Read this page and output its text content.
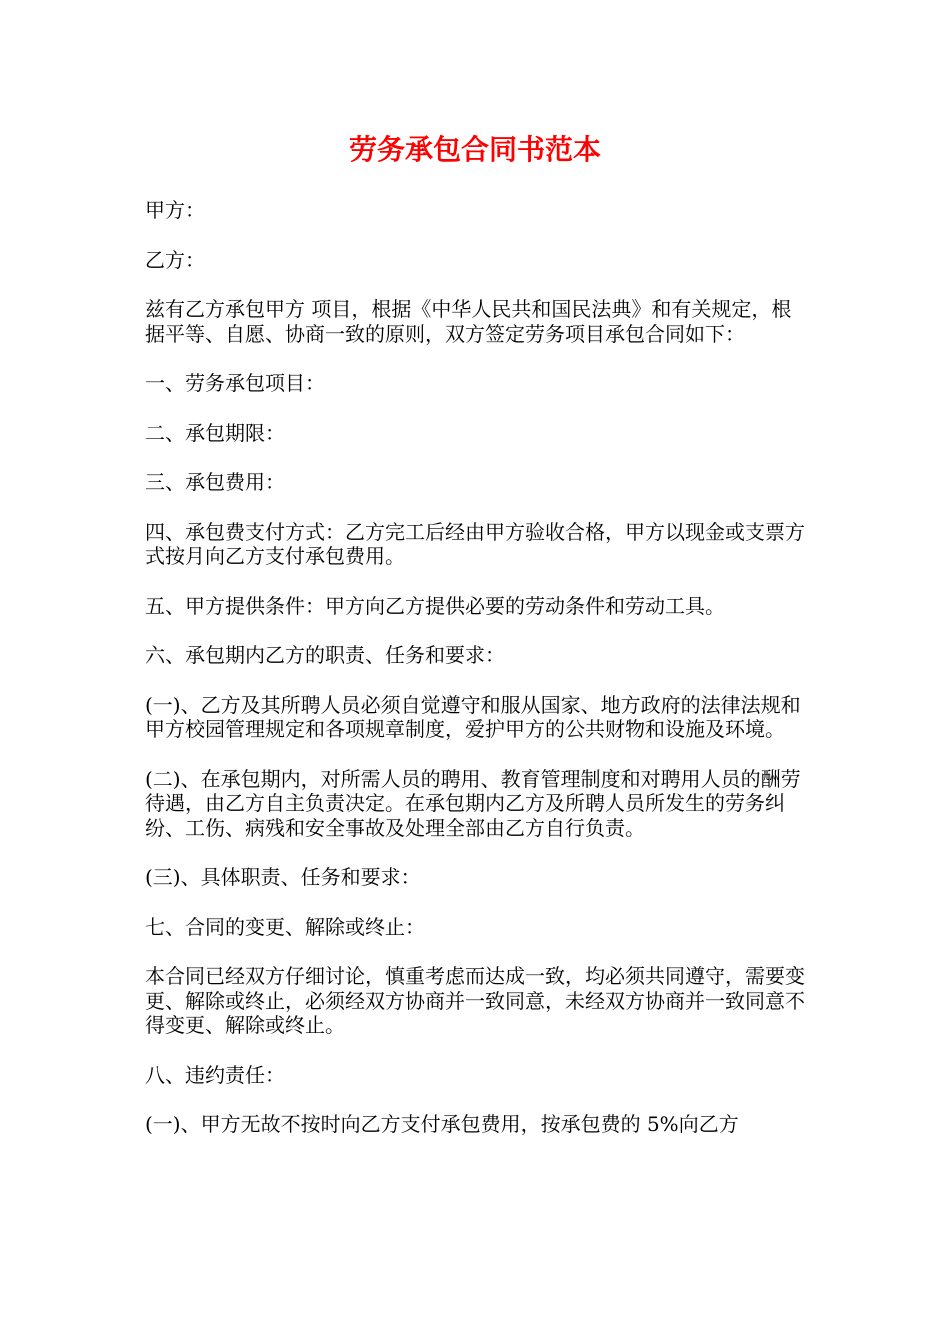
劳务承包合同书范本

甲方：

乙方：

兹有乙方承包甲方 项目，根据《中华人民共和国民法典》和有关规定，根据平等、自愿、协商一致的原则，双方签定劳务项目承包合同如下：

一、劳务承包项目：

二、承包期限：

三、承包费用：

四、承包费支付方式：乙方完工后经由甲方验收合格，甲方以现金或支票方式按月向乙方支付承包费用。

五、甲方提供条件：甲方向乙方提供必要的劳动条件和劳动工具。

六、承包期内乙方的职责、任务和要求：

(一)、乙方及其所聘人员必须自觉遵守和服从国家、地方政府的法律法规和甲方校园管理规定和各项规章制度，爱护甲方的公共财物和设施及环境。

(二)、在承包期内，对所需人员的聘用、教育管理制度和对聘用人员的酬劳待遇，由乙方自主负责决定。在承包期内乙方及所聘人员所发生的劳务纠纷、工伤、病残和安全事故及处理全部由乙方自行负责。

(三)、具体职责、任务和要求：

七、合同的变更、解除或终止：

本合同已经双方仔细讨论，慎重考虑而达成一致，均必须共同遵守，需要变更、解除或终止，必须经双方协商并一致同意，未经双方协商并一致同意不得变更、解除或终止。

八、违约责任：

(一)、甲方无故不按时向乙方支付承包费用，按承包费的 5%向乙方
